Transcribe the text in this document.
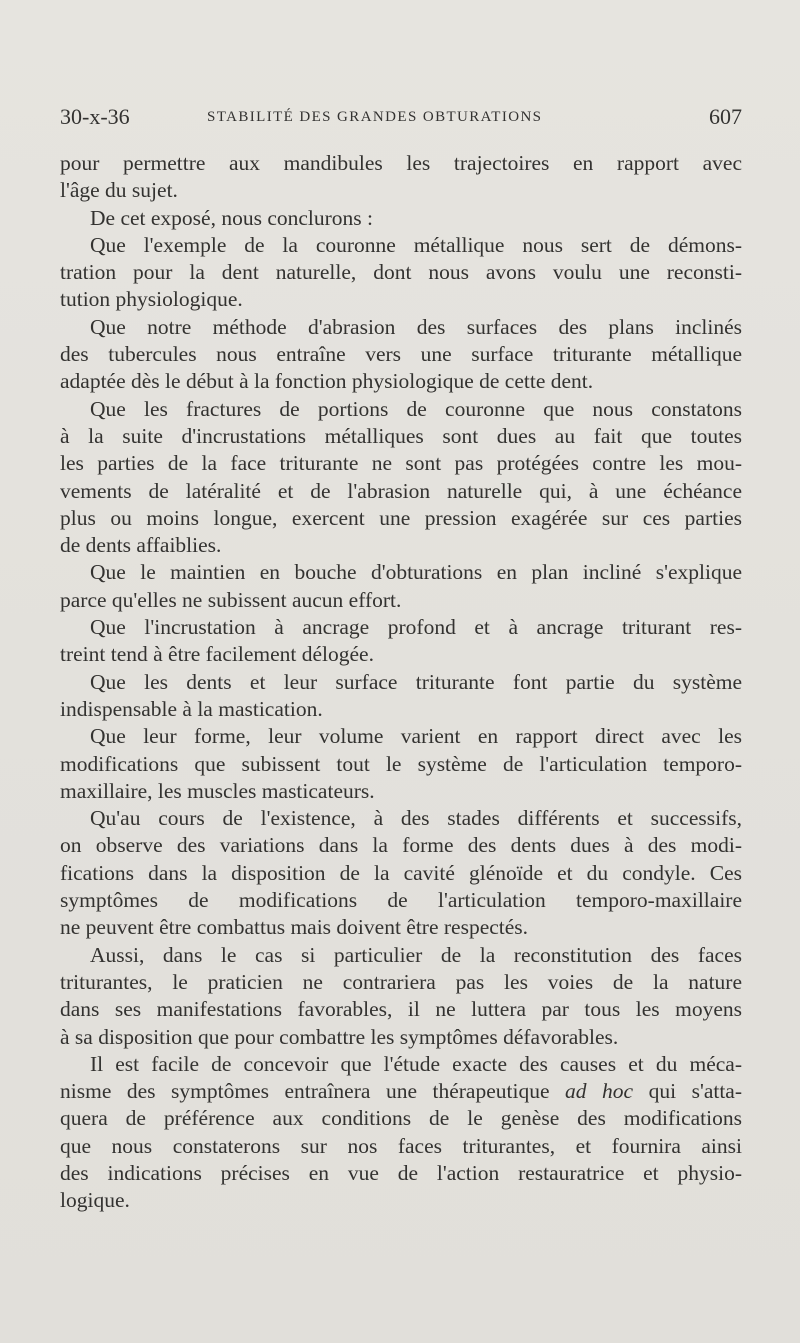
30-x-36	STABILITÉ DES GRANDES OBTURATIONS	607
pour permettre aux mandibules les trajectoires en rapport avec
l'âge du sujet.
De cet exposé, nous conclurons :
Que l'exemple de la couronne métallique nous sert de démons-
tration pour la dent naturelle, dont nous avons voulu une reconsti-
tution physiologique.
Que notre méthode d'abrasion des surfaces des plans inclinés
des tubercules nous entraîne vers une surface triturante métallique
adaptée dès le début à la fonction physiologique de cette dent.
Que les fractures de portions de couronne que nous constatons
à la suite d'incrustations métalliques sont dues au fait que toutes
les parties de la face triturante ne sont pas protégées contre les mou-
vements de latéralité et de l'abrasion naturelle qui, à une échéance
plus ou moins longue, exercent une pression exagérée sur ces parties
de dents affaiblies.
Que le maintien en bouche d'obturations en plan incliné s'explique
parce qu'elles ne subissent aucun effort.
Que l'incrustation à ancrage profond et à ancrage triturant res-
treint tend à être facilement délogée.
Que les dents et leur surface triturante font partie du système
indispensable à la mastication.
Que leur forme, leur volume varient en rapport direct avec les
modifications que subissent tout le système de l'articulation temporo-
maxillaire, les muscles masticateurs.
Qu'au cours de l'existence, à des stades différents et successifs,
on observe des variations dans la forme des dents dues à des modi-
fications dans la disposition de la cavité glénoïde et du condyle. Ces
symptômes de modifications de l'articulation temporo-maxillaire
ne peuvent être combattus mais doivent être respectés.
Aussi, dans le cas si particulier de la reconstitution des faces
triturantes, le praticien ne contrariera pas les voies de la nature
dans ses manifestations favorables, il ne luttera par tous les moyens
à sa disposition que pour combattre les symptômes défavorables.
Il est facile de concevoir que l'étude exacte des causes et du méca-
nisme des symptômes entraînera une thérapeutique ad hoc qui s'atta-
quera de préférence aux conditions de le genèse des modifications
que nous constaterons sur nos faces triturantes, et fournira ainsi
des indications précises en vue de l'action restauratrice et physio-
logique.
